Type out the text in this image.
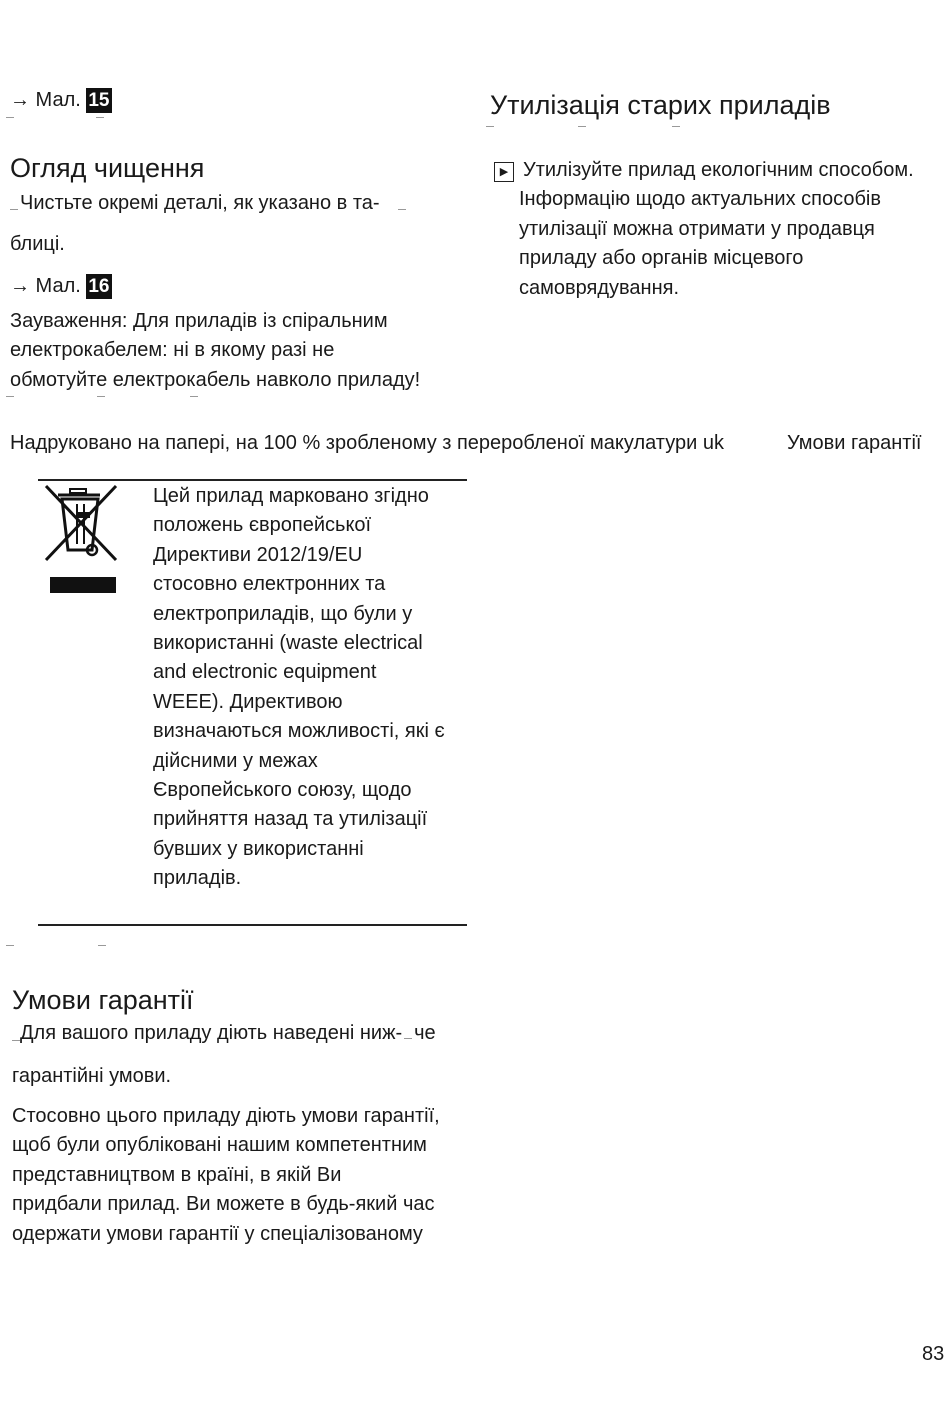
→ Мал. 15
Огляд чищення
Чистьте окремі деталі, як указано в та-
блиці.
→ Мал. 16
Зауваження: Для приладів із спіральним
електрокабелем: ні в якому разі не
обмотуйте електрокабель навколо приладу!
Утилізація старих приладів
▶ Утилізуйте прилад екологічним способом.
Інформацію щодо актуальних способів
утилізації можна отримати у продавця
приладу або органів місцевого
самоврядування.
Надруковано на папері, на 100 % зробленому з переробленої макулатури uk	Умови гарантії
Цей прилад марковано згідно
положень європейської
Директиви 2012/19/EU
стосовно електронних та
електроприладів, що були у
використанні (waste electrical
and electronic equipment
WEEE). Директивою
визначаються можливості, які є
дійсними у межах
Європейського союзу, щодо
прийняття назад та утилізації
бувших у використанні
приладів.
Умови гарантії
Для вашого приладу діють наведені ниж- че
гарантійні умови.
Стосовно цього приладу діють умови гарантії,
щоб були опубліковані нашим компетентним
представництвом в країні, в якій Ви
придбали прилад. Ви можете в будь-який час
одержати умови гарантії у спеціалізованому
83
